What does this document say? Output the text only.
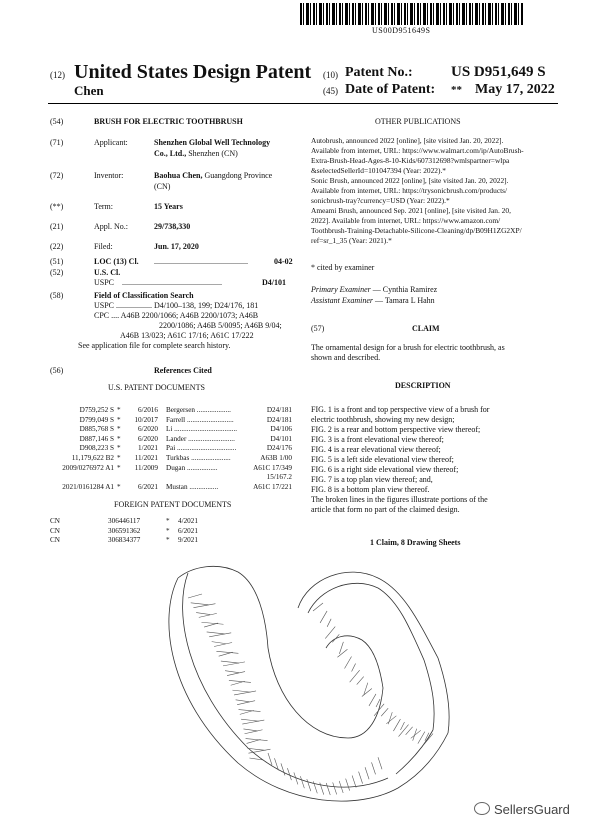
US00D951649S
(12) United States Design Patent (10) Patent No.:	US D951,649 S
Chen	(45) Date of Patent: ** May 17, 2022
(54)	BRUSH FOR ELECTRIC TOOTHBRUSH
(71)	Applicant:	Shenzhen Global Well Technology
Co., Ltd., Shenzhen (CN)
(72)	Inventor:	Baohua Chen, Guangdong Province
(CN)
(**)	Term:	15 Years
(21)	Appl. No.:	29/738,330
(22)	Filed:	Jun. 17, 2020
(51)	LOC (13) Cl. ...............................................	04-02
(52)	U.S. Cl.
USPC ..................................................	D4/101
(58)	Field of Classification Search
USPC .................. D4/100–138, 199; D24/176, 181
CPC .... A46B 2200/1066; A46B 2200/1073; A46B
2200/1086; A46B 5/0095; A46B 9/04;
A46B 13/023; A61C 17/16; A61C 17/222
See application file for complete search history.
(56)	References Cited
U.S. PATENT DOCUMENTS
D759,252 S *	6/2016 Bergersen ...................	D24/181
D799,049 S *	10/2017 Farrell ..........................	D24/181
D885,768 S *	6/2020 Li ...................................	D4/106
D887,146 S *	6/2020 Lander ..........................	D4/101
D908,223 S *	1/2021 Pai .................................	D24/176
11,179,622 B2 *	11/2021 Turkbas ......................	A63B 1/00
2009/0276972 A1 *	11/2009 Dugan .................	A61C 17/349
15/167.2
2021/0161284 A1 *	6/2021 Mustan ................	A61C 17/221
FOREIGN PATENT DOCUMENTS
CN	306446117	* 4/2021
CN	306591362	* 6/2021
CN	306834377	* 9/2021
OTHER PUBLICATIONS
Autobrush, announced 2022 [online], [site visited Jan. 20, 2022].
Available from internet, URL: https://www.walmart.com/ip/AutoBrush-
Extra-Brush-Head-Ages-8-10-Kids/607312698?wmlspartner=wlpa
&selectedSellerId=101047394 (Year: 2022).*
Sonic Brush, announced 2022 [online], [site visited Jan. 20, 2022].
Available from internet, URL: https://trysonicbrush.com/products/
sonicbrush-tray?currency=USD (Year: 2022).*
Ameami Brush, announced Sep. 2021 [online], [site visited Jan. 20,
2022]. Available from internet, URL: https://www.amazon.com/
Toothbrush-Training-Detachable-Silicone-Cleaning/dp/B09H1ZG2XP/
ref=sr_1_35 (Year: 2021).*
* cited by examiner
Primary Examiner — Cynthia Ramirez
Assistant Examiner — Tamara L Hahn
(57)	CLAIM
The ornamental design for a brush for electric toothbrush, as
shown and described.
DESCRIPTION
FIG. 1 is a front and top perspective view of a brush for
electric toothbrush, showing my new design;
FIG. 2 is a rear and bottom perspective view thereof;
FIG. 3 is a front elevational view thereof;
FIG. 4 is a rear elevational view thereof;
FIG. 5 is a left side elevational view thereof;
FIG. 6 is a right side elevational view thereof;
FIG. 7 is a top plan view thereof; and,
FIG. 8 is a bottom plan view thereof.
The broken lines in the figures illustrate portions of the
article that form no part of the claimed design.
1 Claim, 8 Drawing Sheets
SellersGuard
